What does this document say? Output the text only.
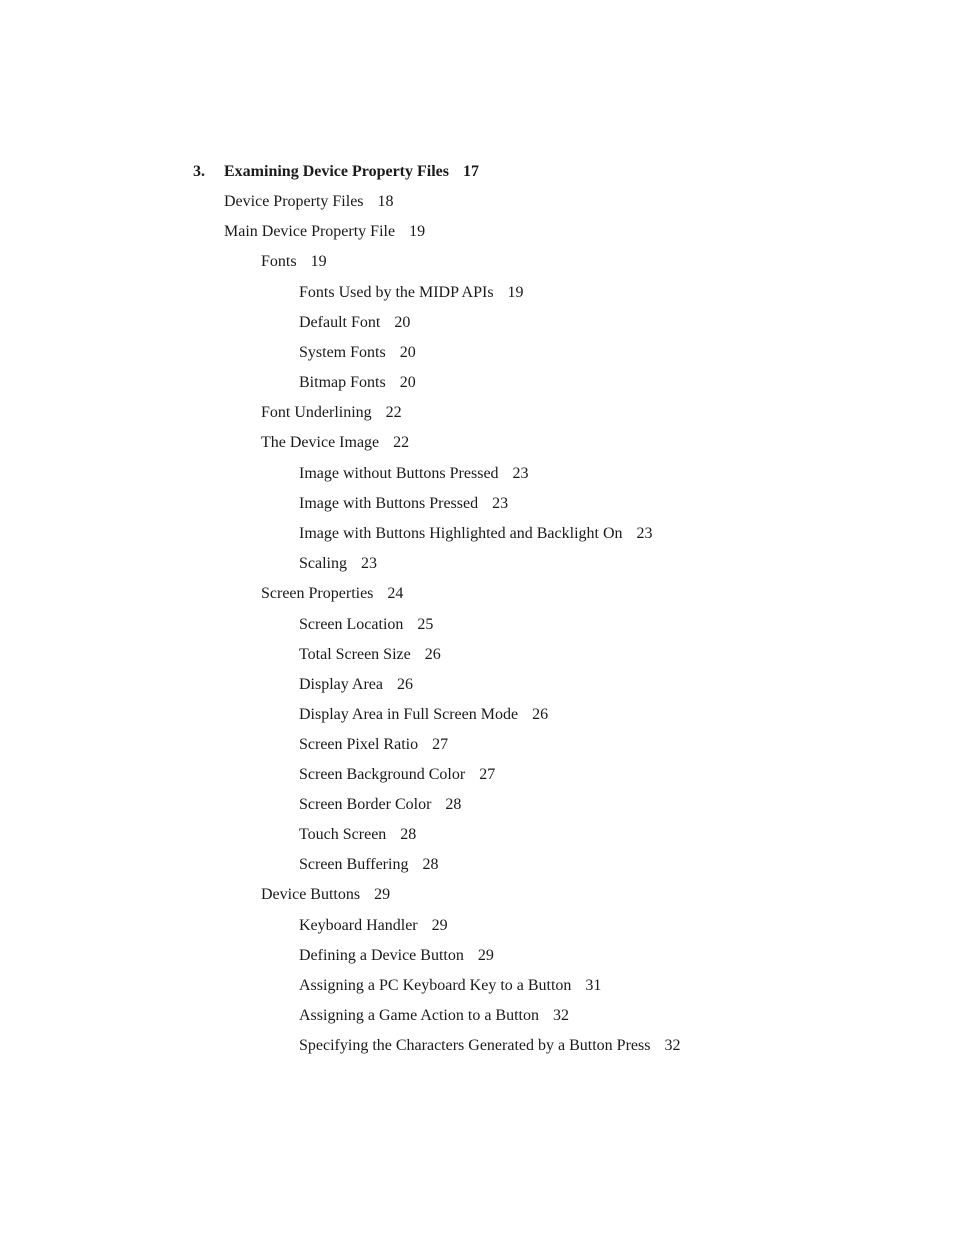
3. Examining Device Property Files 17
Device Property Files 18
Main Device Property File 19
Fonts 19
Fonts Used by the MIDP APIs 19
Default Font 20
System Fonts 20
Bitmap Fonts 20
Font Underlining 22
The Device Image 22
Image without Buttons Pressed 23
Image with Buttons Pressed 23
Image with Buttons Highlighted and Backlight On 23
Scaling 23
Screen Properties 24
Screen Location 25
Total Screen Size 26
Display Area 26
Display Area in Full Screen Mode 26
Screen Pixel Ratio 27
Screen Background Color 27
Screen Border Color 28
Touch Screen 28
Screen Buffering 28
Device Buttons 29
Keyboard Handler 29
Defining a Device Button 29
Assigning a PC Keyboard Key to a Button 31
Assigning a Game Action to a Button 32
Specifying the Characters Generated by a Button Press 32
